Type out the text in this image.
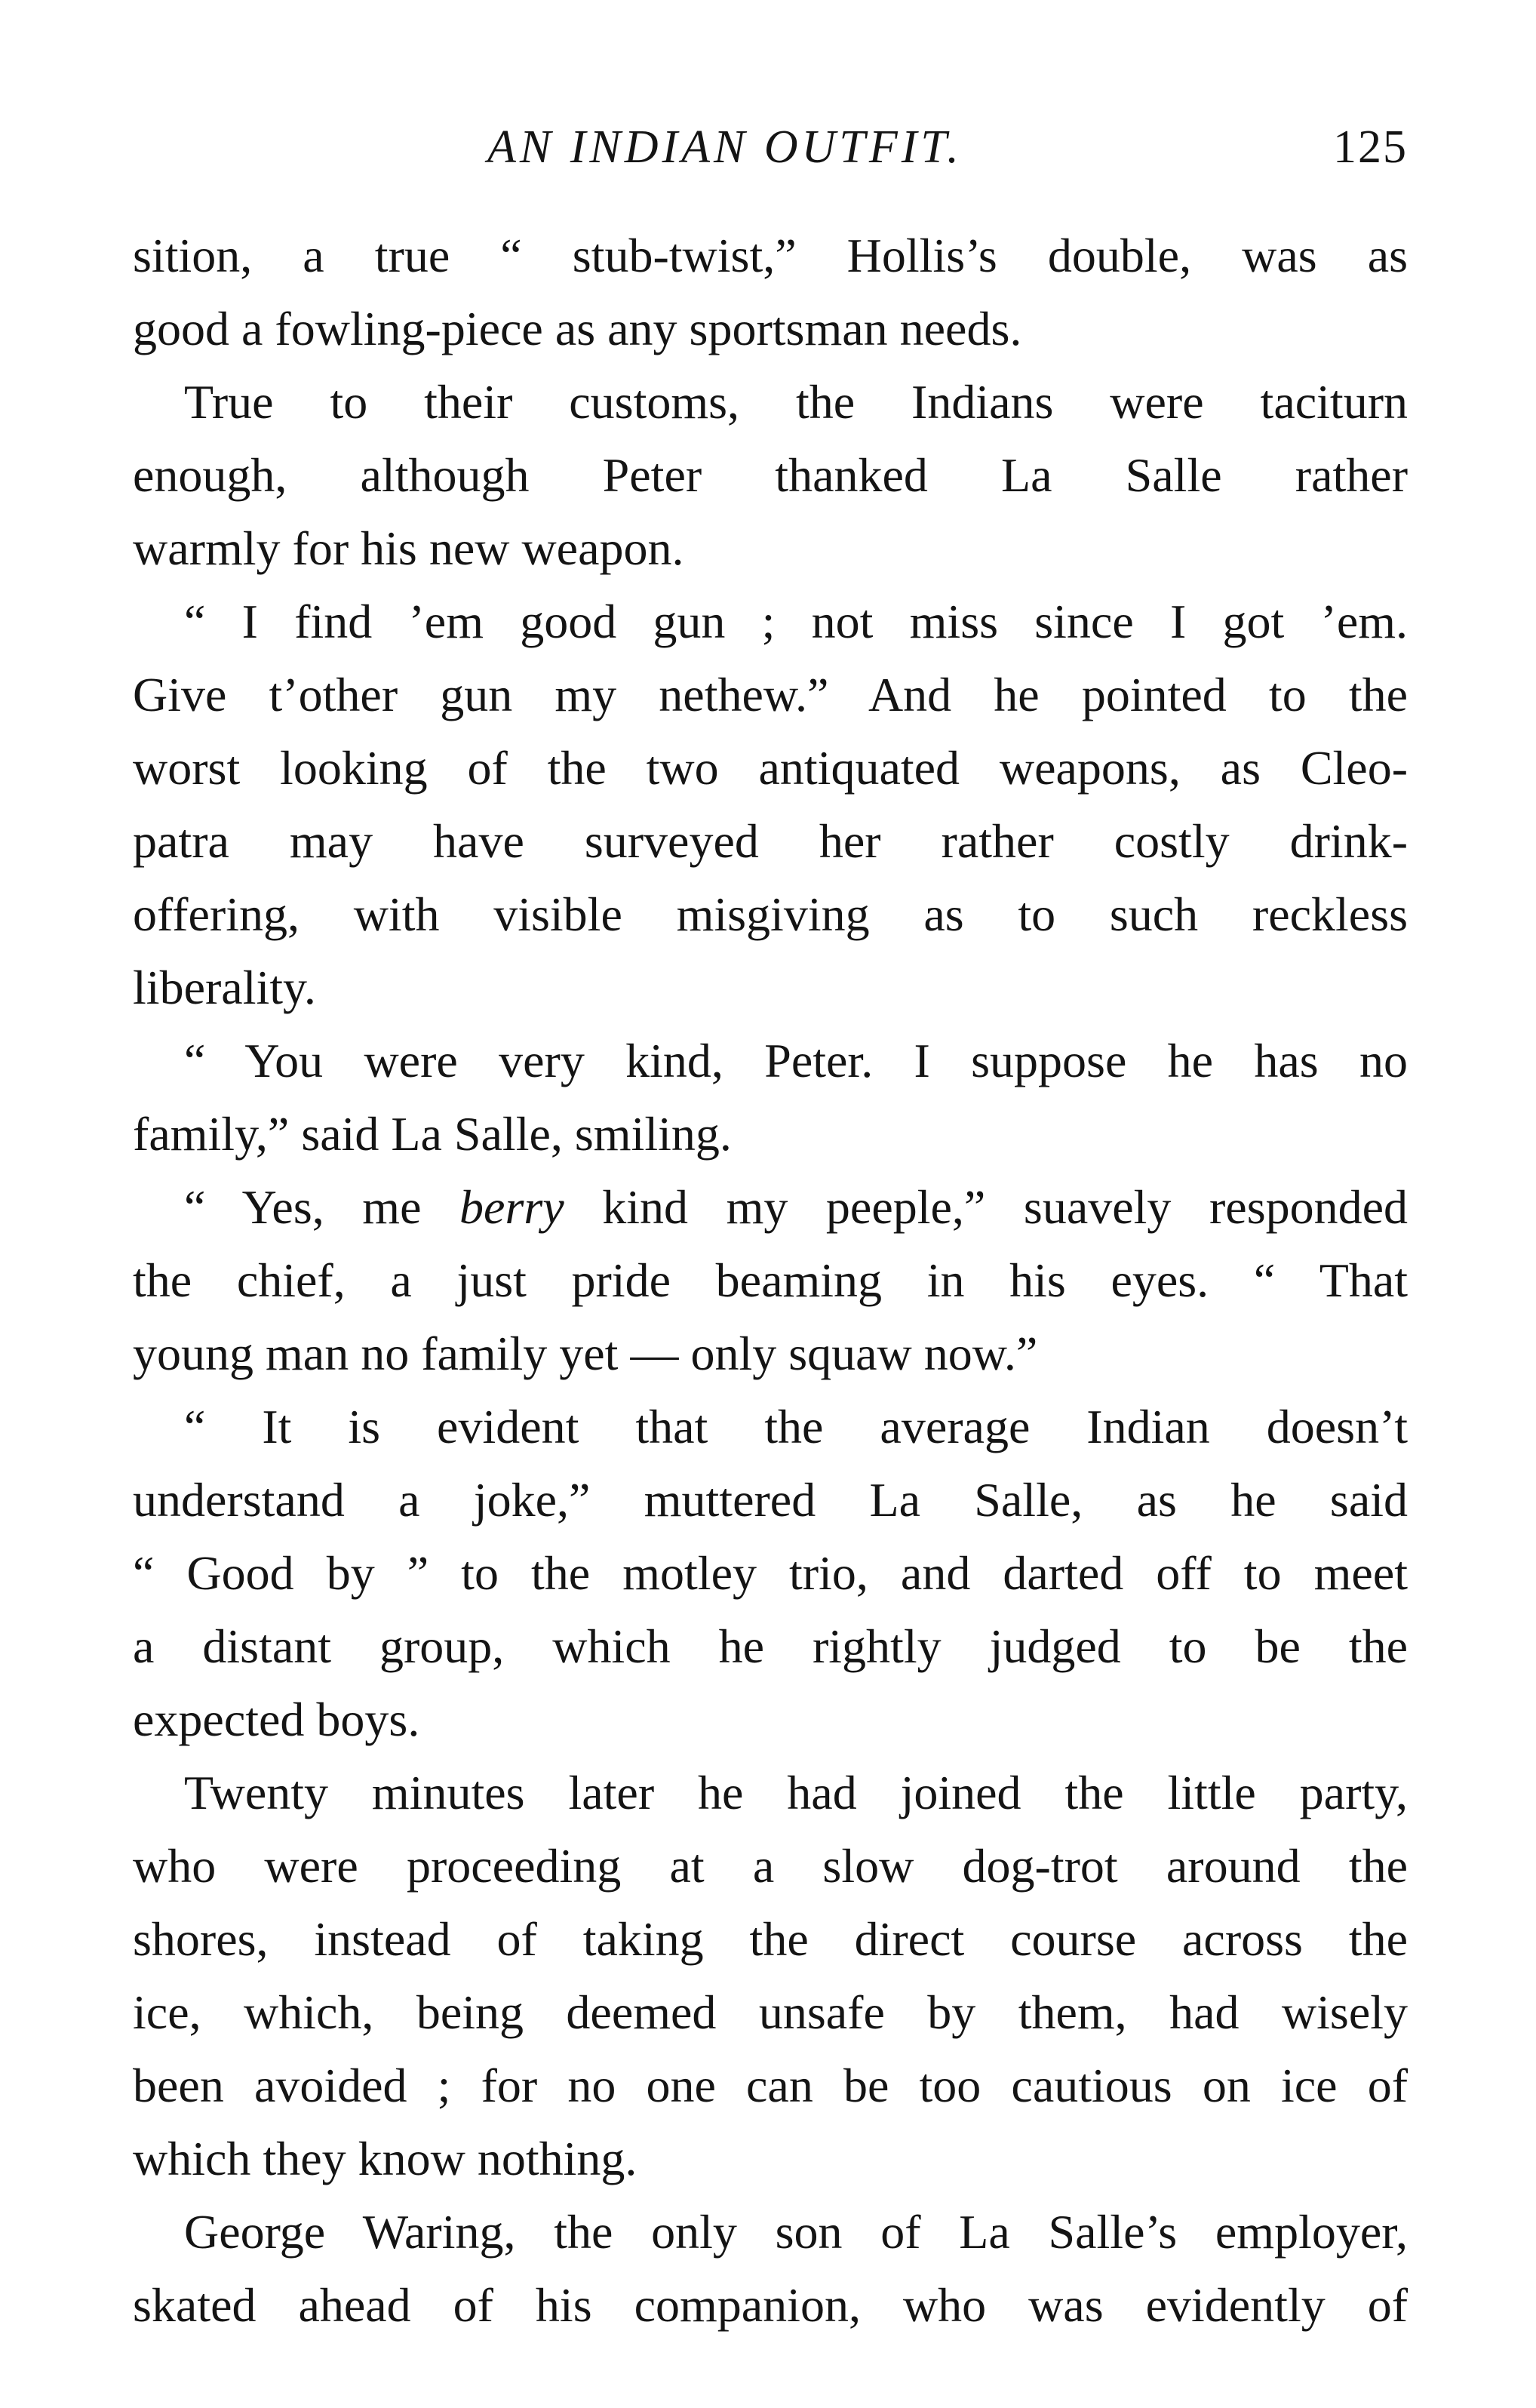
AN INDIAN OUTFIT.	125
sition, a true “ stub-twist,” Hollis’s double, was as
good a fowling-piece as any sportsman needs.
True to their customs, the Indians were taciturn
enough, although Peter thanked La Salle rather
warmly for his new weapon.
“ I find ’em good gun ; not miss since I got ’em.
Give t’other gun my nethew.” And he pointed to the
worst looking of the two antiquated weapons, as Cleo-
patra may have surveyed her rather costly drink-
offering, with visible misgiving as to such reckless
liberality.
“ You were very kind, Peter. I suppose he has no
family,” said La Salle, smiling.
“ Yes, me berry kind my peeple,” suavely responded
the chief, a just pride beaming in his eyes. “ That
young man no family yet — only squaw now.”
“ It is evident that the average Indian doesn’t
understand a joke,” muttered La Salle, as he said
“ Good by ” to the motley trio, and darted off to meet
a distant group, which he rightly judged to be the
expected boys.
Twenty minutes later he had joined the little party,
who were proceeding at a slow dog-trot around the
shores, instead of taking the direct course across the
ice, which, being deemed unsafe by them, had wisely
been avoided ; for no one can be too cautious on ice of
which they know nothing.
George Waring, the only son of La Salle’s employer,
skated ahead of his companion, who was evidently of
